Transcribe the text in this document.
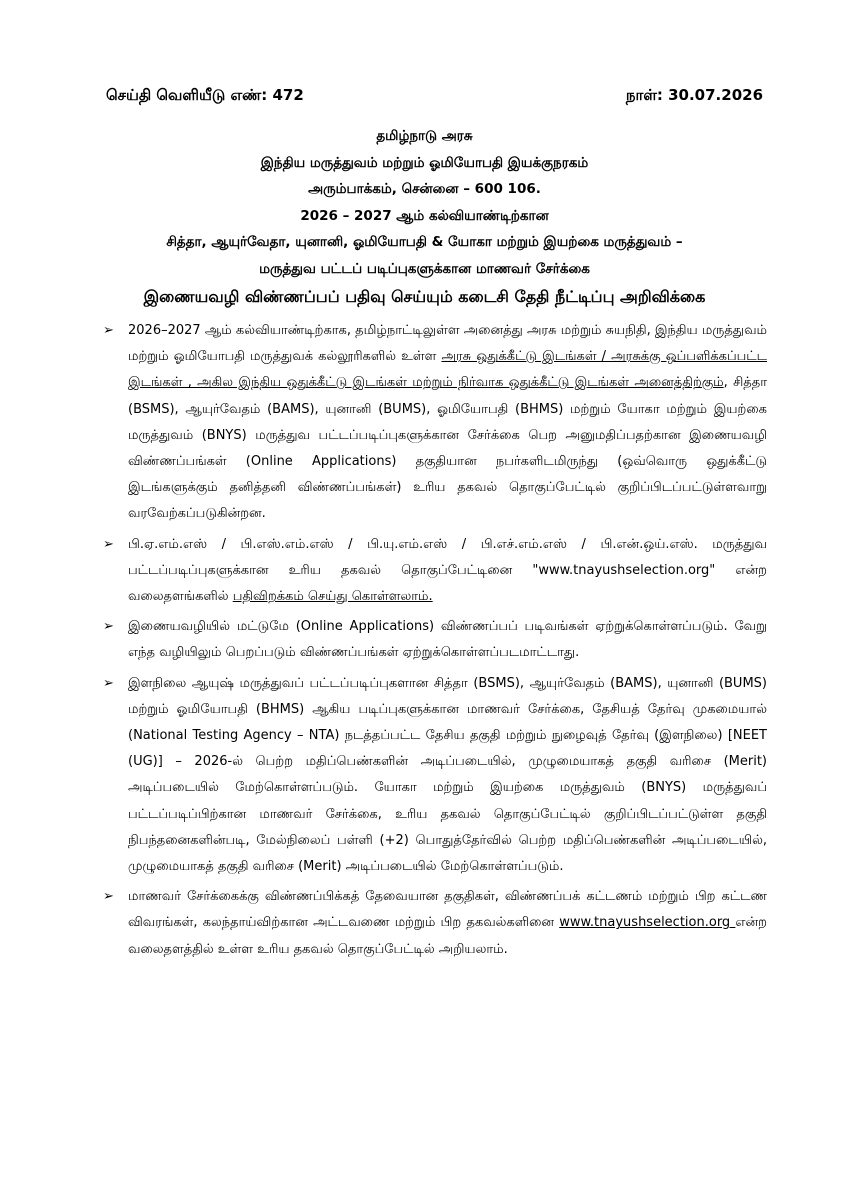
செய்தி வெளியீடு எண்: 472	நாள்: 30.07.2026
தமிழ்நாடு அரசு
இந்திய மருத்துவம் மற்றும் ஓமியோபதி இயக்குநரகம்
அரும்பாக்கம், சென்னை – 600 106.
2026 – 2027 ஆம் கல்வியாண்டிற்கான
சித்தா, ஆயுர்வேதா, யுனானி, ஓமியோபதி & யோகா மற்றும் இயற்கை மருத்துவம் –
மருத்துவ பட்டப் படிப்புகளுக்கான மாணவர் சேர்க்கை
இணையவழி விண்ணப்பப் பதிவு செய்யும் கடைசி தேதி நீட்டிப்பு அறிவிக்கை
➢ 2026–2027 ஆம் கல்வியாண்டிற்காக, தமிழ்நாட்டிலுள்ள அனைத்து அரசு மற்றும் சுயநிதி, இந்திய மருத்துவம் மற்றும் ஓமியோபதி மருத்துவக் கல்லூரிகளில் உள்ள அரசு ஒதுக்கீட்டு இடங்கள் / அரசுக்கு ஒப்பளிக்கப்பட்ட இடங்கள் , அகில இந்திய ஒதுக்கீட்டு இடங்கள் மற்றும் நிர்வாக ஒதுக்கீட்டு இடங்கள் அனைத்திற்கும், சித்தா (BSMS), ஆயுர்வேதம் (BAMS), யுனானி (BUMS), ஓமியோபதி (BHMS) மற்றும் யோகா மற்றும் இயற்கை மருத்துவம் (BNYS) மருத்துவ பட்டப்படிப்புகளுக்கான சேர்க்கை பெற அனுமதிப்பதற்கான இணையவழி விண்ணப்பங்கள் (Online Applications) தகுதியான நபர்களிடமிருந்து (ஒவ்வொரு ஒதுக்கீட்டு இடங்களுக்கும் தனித்தனி விண்ணப்பங்கள்) உரிய தகவல் தொகுப்பேட்டில் குறிப்பிடப்பட்டுள்ளவாறு வரவேற்கப்படுகின்றன.
➢ பி.ஏ.எம்.எஸ் / பி.எஸ்.எம்.எஸ் / பி.யு.எம்.எஸ் / பி.எச்.எம்.எஸ் / பி.என்.ஒய்.எஸ். மருத்துவ பட்டப்படிப்புகளுக்கான உரிய தகவல் தொகுப்பேட்டினை "www.tnayushselection.org" என்ற வலைதளங்களில் பதிவிறக்கம் செய்து கொள்ளலாம்.
➢ இணையவழியில் மட்டுமே (Online Applications) விண்ணப்பப் படிவங்கள் ஏற்றுக்கொள்ளப்படும். வேறு எந்த வழியிலும் பெறப்படும் விண்ணப்பங்கள் ஏற்றுக்கொள்ளப்படமாட்டாது.
➢ இளநிலை ஆயுஷ் மருத்துவப் பட்டப்படிப்புகளான சித்தா (BSMS), ஆயுர்வேதம் (BAMS), யுனானி (BUMS) மற்றும் ஓமியோபதி (BHMS) ஆகிய படிப்புகளுக்கான மாணவர் சேர்க்கை, தேசியத் தேர்வு முகமையால் (National Testing Agency – NTA) நடத்தப்பட்ட தேசிய தகுதி மற்றும் நுழைவுத் தேர்வு (இளநிலை) [NEET (UG)] – 2026-ல் பெற்ற மதிப்பெண்களின் அடிப்படையில், முழுமையாகத் தகுதி வரிசை (Merit) அடிப்படையில் மேற்கொள்ளப்படும். யோகா மற்றும் இயற்கை மருத்துவம் (BNYS) மருத்துவப் பட்டப்படிப்பிற்கான மாணவர் சேர்க்கை, உரிய தகவல் தொகுப்பேட்டில் குறிப்பிடப்பட்டுள்ள தகுதி நிபந்தனைகளின்படி, மேல்நிலைப் பள்ளி (+2) பொதுத்தேர்வில் பெற்ற மதிப்பெண்களின் அடிப்படையில், முழுமையாகத் தகுதி வரிசை (Merit) அடிப்படையில் மேற்கொள்ளப்படும்.
➢ மாணவர் சேர்க்கைக்கு விண்ணப்பிக்கத் தேவையான தகுதிகள், விண்ணப்பக் கட்டணம் மற்றும் பிற கட்டண விவரங்கள், கலந்தாய்விற்கான அட்டவணை மற்றும் பிற தகவல்களினை www.tnayushselection.org என்ற வலைதளத்தில் உள்ள உரிய தகவல் தொகுப்பேட்டில் அறியலாம்.
